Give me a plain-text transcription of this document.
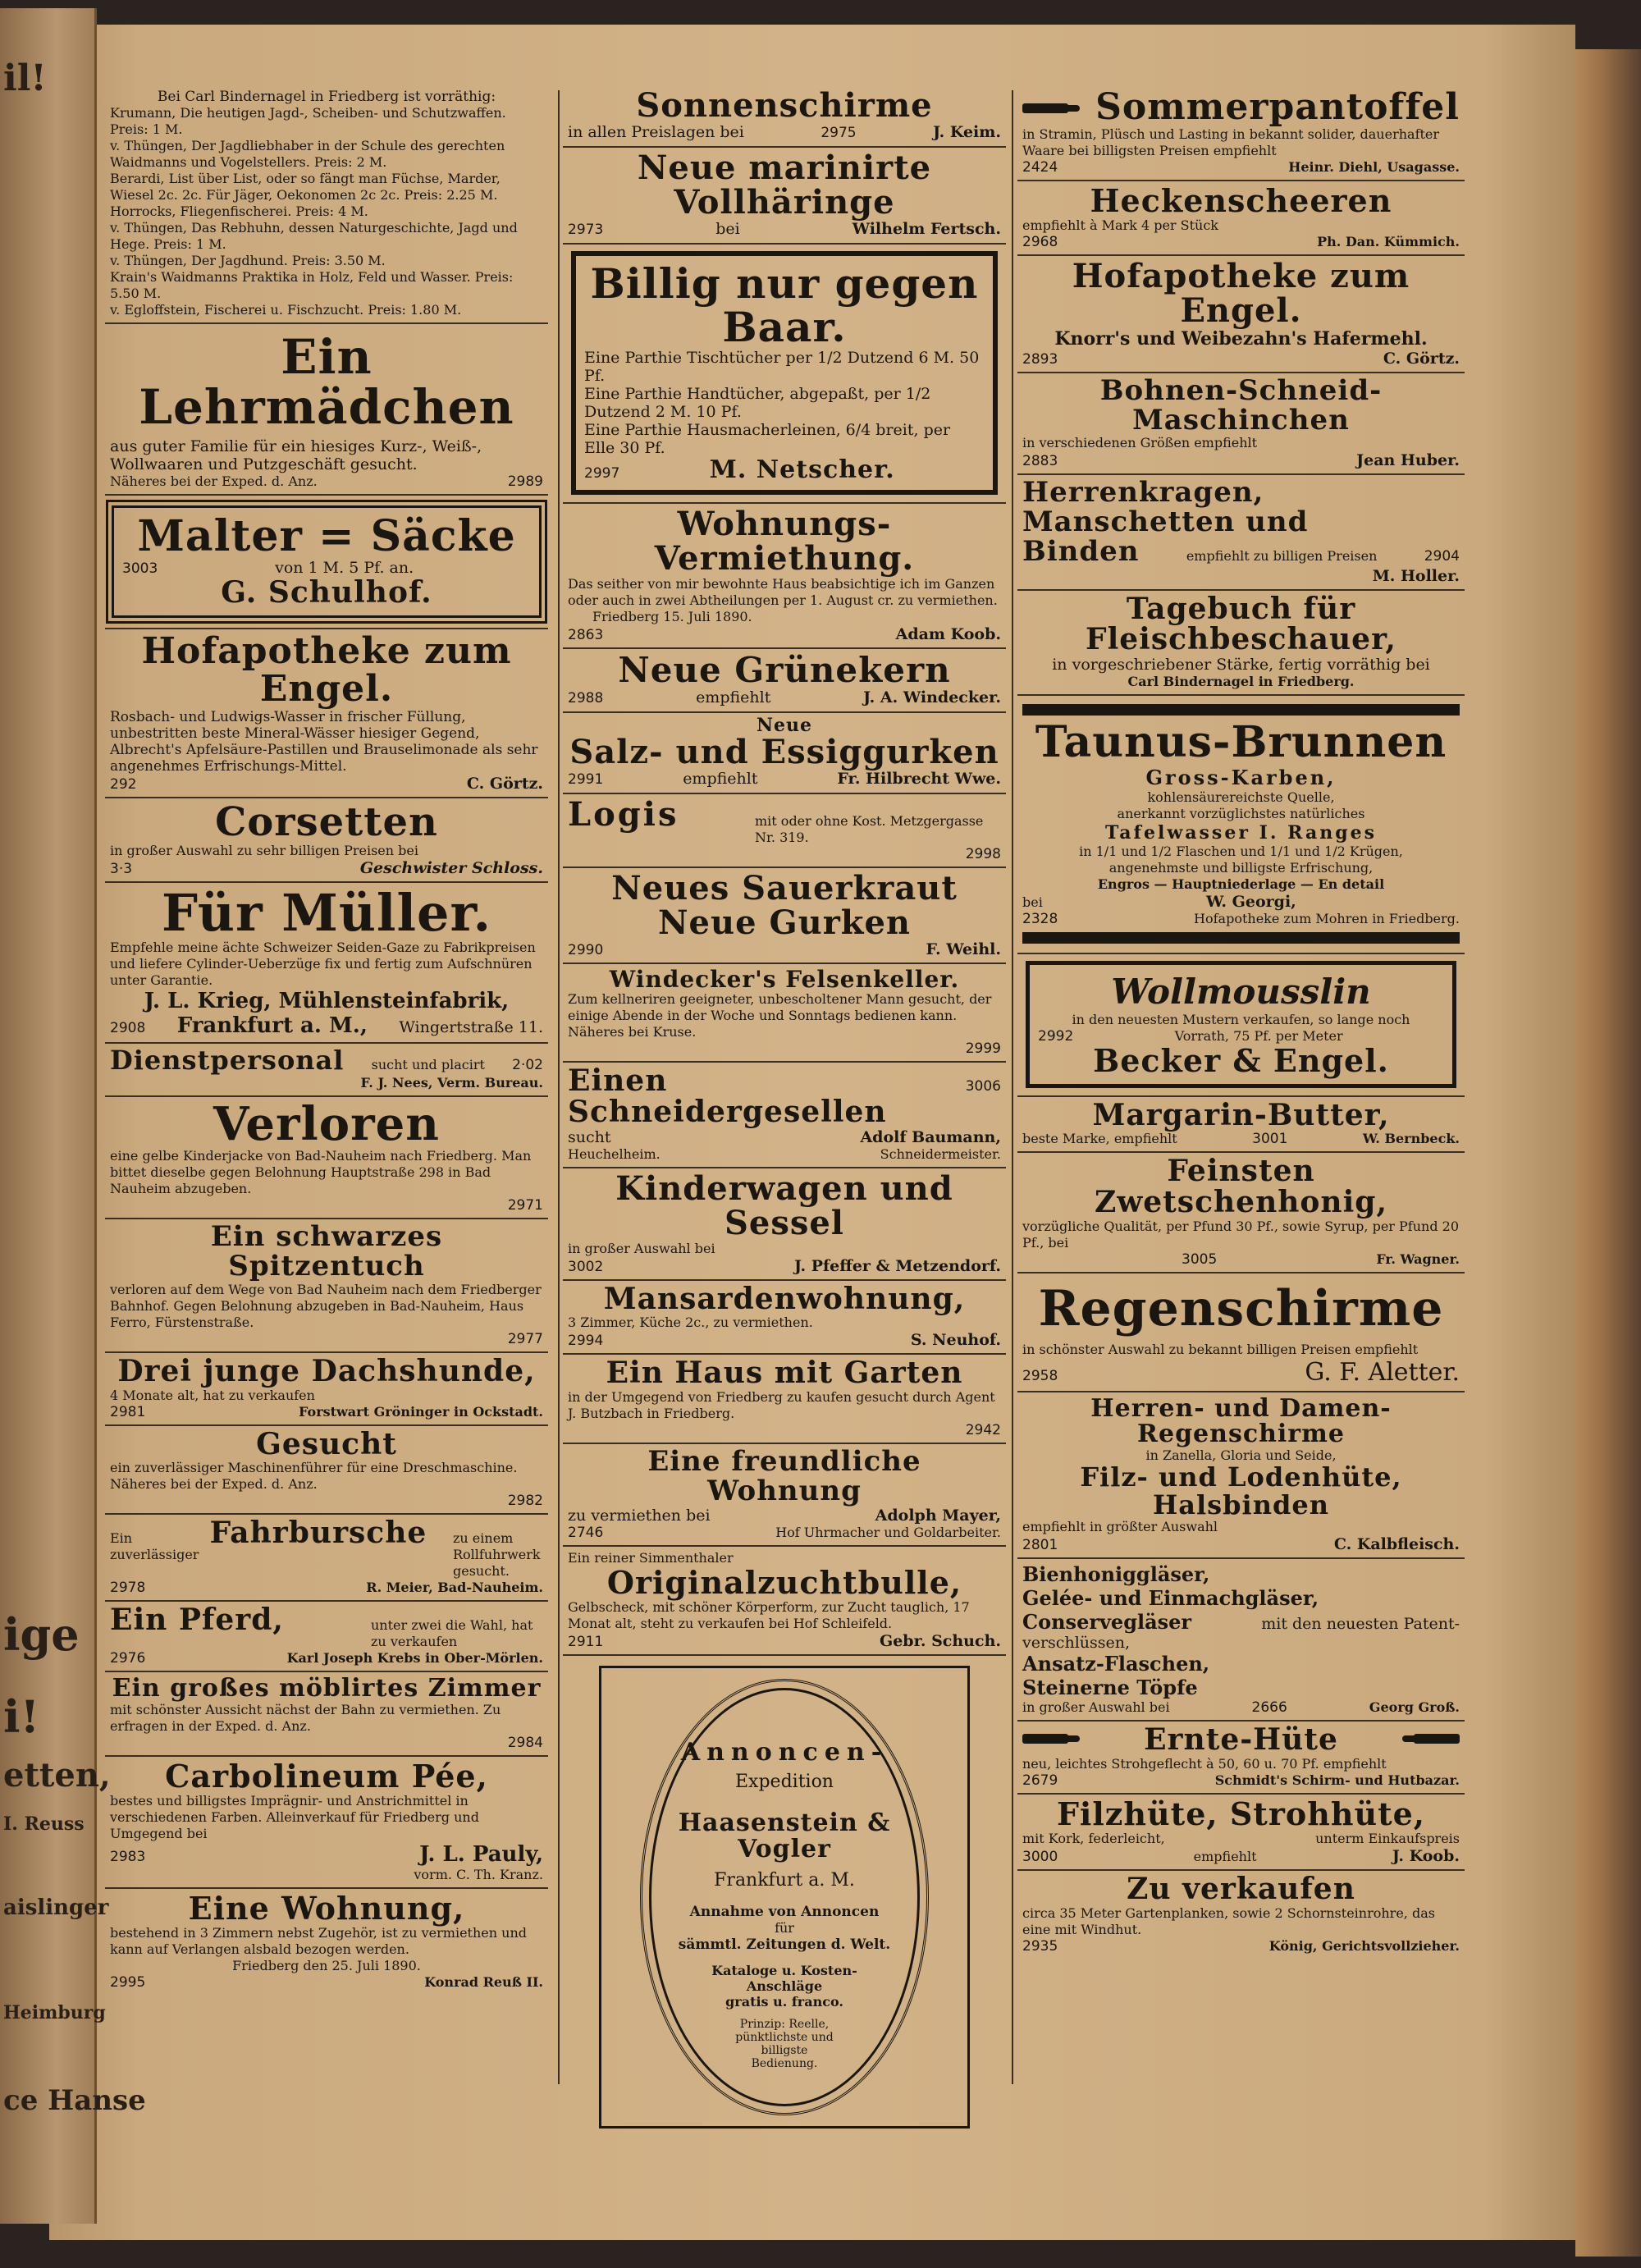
il!
ige
i!
etten,
I. Reuss
aislinger
Heimburg
ce Hanse
Bei Carl Bindernagel in Friedberg ist vorräthig:
Krumann, Die heutigen Jagd-, Scheiben- und Schutzwaffen. Preis: 1 M.
v. Thüngen, Der Jagdliebhaber in der Schule des gerechten Waidmanns und Vogelstellers. Preis: 2 M.
Berardi, List über List, oder so fängt man Füchse, Marder, Wiesel 2c. 2c. Für Jäger, Oekonomen 2c 2c. Preis: 2.25 M.
Horrocks, Fliegenfischerei. Preis: 4 M.
v. Thüngen, Das Rebhuhn, dessen Naturgeschichte, Jagd und Hege. Preis: 1 M.
v. Thüngen, Der Jagdhund. Preis: 3.50 M.
Krain's Waidmanns Praktika in Holz, Feld und Wasser. Preis: 5.50 M.
v. Egloffstein, Fischerei u. Fischzucht. Preis: 1.80 M.
Ein Lehrmädchen
aus guter Familie für ein hiesiges Kurz-, Weiß-, Wollwaaren und Putzgeschäft gesucht.
Näheres bei der Exped. d. Anz.	2989
Malter = Säcke
3003	von 1 M. 5 Pf. an.
G. Schulhof.
Hofapotheke zum Engel.
Rosbach- und Ludwigs-Wasser in frischer Füllung, unbestritten beste Mineral-Wässer hiesiger Gegend, Albrecht's Apfelsäure-Pastillen und Brauselimonade als sehr angenehmes Erfrischungs-Mittel.
292	C. Görtz.
Corsetten
in großer Auswahl zu sehr billigen Preisen bei
3·3	Geschwister Schloss.
Für Müller.
Empfehle meine ächte Schweizer Seiden-Gaze zu Fabrikpreisen und liefere Cylinder-Ueberzüge fix und fertig zum Aufschnüren unter Garantie.
J. L. Krieg, Mühlensteinfabrik,
2908 Frankfurt a. M., Wingertstraße 11.
Dienstpersonal sucht und placirt 2·02
F. J. Nees, Verm. Bureau.
Verloren
eine gelbe Kinderjacke von Bad-Nauheim nach Friedberg. Man bittet dieselbe gegen Belohnung Hauptstraße 298 in Bad Nauheim abzugeben.
2971
Ein schwarzes Spitzentuch
verloren auf dem Wege von Bad Nauheim nach dem Friedberger Bahnhof. Gegen Belohnung abzugeben in Bad-Nauheim, Haus Ferro, Fürstenstraße.
2977
Drei junge Dachshunde,
4 Monate alt, hat zu verkaufen
2981	Forstwart Gröninger in Ockstadt.
Gesucht
ein zuverlässiger Maschinenführer für eine Dreschmaschine. Näheres bei der Exped. d. Anz.
2982
Ein zuverlässiger
Fahrbursche zu einem Rollfuhrwerk gesucht.
2978	R. Meier, Bad-Nauheim.
Ein Pferd,	unter zwei die Wahl, hat zu verkaufen
2976	Karl Joseph Krebs in Ober-Mörlen.
Ein großes möblirtes Zimmer
mit schönster Aussicht nächst der Bahn zu vermiethen. Zu erfragen in der Exped. d. Anz.
2984
Carbolineum Pée,
bestes und billigstes Imprägnir- und Anstrichmittel in verschiedenen Farben. Alleinverkauf für Friedberg und Umgegend bei
2983	J. L. Pauly,
vorm. C. Th. Kranz.
Eine Wohnung,
bestehend in 3 Zimmern nebst Zugehör, ist zu vermiethen und kann auf Verlangen alsbald bezogen werden.
Friedberg den 25. Juli 1890.
2995	Konrad Reuß II.
Sonnenschirme
in allen Preislagen bei	2975	J. Keim.
Neue marinirte Vollhäringe
2973	bei	Wilhelm Fertsch.
Billig nur gegen Baar.
Eine Parthie Tischtücher per 1/2 Dutzend 6 M. 50 Pf.
Eine Parthie Handtücher, abgepaßt, per 1/2 Dutzend 2 M. 10 Pf.
Eine Parthie Hausmacherleinen, 6/4 breit, per Elle 30 Pf.
2997	M. Netscher.
Wohnungs-Vermiethung.
Das seither von mir bewohnte Haus beabsichtige ich im Ganzen oder auch in zwei Abtheilungen per 1. August cr. zu vermiethen.
Friedberg 15. Juli 1890.
2863	Adam Koob.
Neue Grünekern
2988	empfiehlt	J. A. Windecker.
Neue
Salz- und Essiggurken
2991	empfiehlt	Fr. Hilbrecht Wwe.
Logis	mit oder ohne Kost. Metzgergasse Nr. 319.
2998
Neues Sauerkraut
Neue Gurken
2990	F. Weihl.
Windecker's Felsenkeller.
Zum kellneriren geeigneter, unbescholtener Mann gesucht, der einige Abende in der Woche und Sonntags bedienen kann. Näheres bei Kruse.
2999
Einen Schneidergesellen
3006
sucht	Adolf Baumann,
Heuchelheim.	Schneidermeister.
Kinderwagen und Sessel
in großer Auswahl bei
3002	J. Pfeffer & Metzendorf.
Mansardenwohnung,
3 Zimmer, Küche 2c., zu vermiethen.
2994	S. Neuhof.
Ein Haus mit Garten
in der Umgegend von Friedberg zu kaufen gesucht durch Agent J. Butzbach in Friedberg.
2942
Eine freundliche Wohnung
zu vermiethen bei	Adolph Mayer,
2746	Hof Uhrmacher und Goldarbeiter.
Ein reiner Simmenthaler
Originalzuchtbulle,
Gelbscheck, mit schöner Körperform, zur Zucht tauglich, 17 Monat alt, steht zu verkaufen bei Hof Schleifeld.
2911	Gebr. Schuch.
Annoncen-
Expedition
Haasenstein & Vogler
Frankfurt a. M.
Annahme von Annoncen
für
sämmtl. Zeitungen d. Welt.
Kataloge u. Kosten-
Anschläge
gratis u. franco.
Prinzip: Reelle,
pünktlichste und
billigste
Bedienung.
Sommerpantoffel
in Stramin, Plüsch und Lasting in bekannt solider, dauerhafter Waare bei billigsten Preisen empfiehlt
2424	Heinr. Diehl, Usagasse.
Heckenscheeren
empfiehlt à Mark 4 per Stück
2968	Ph. Dan. Kümmich.
Hofapotheke zum Engel.
Knorr's und Weibezahn's Hafermehl.
2893	C. Görtz.
Bohnen-Schneid-Maschinchen
in verschiedenen Größen empfiehlt
2883	Jean Huber.
Herrenkragen, Manschetten und
Binden	empfiehlt zu billigen Preisen	2904
M. Holler.
Tagebuch für Fleischbeschauer,
in vorgeschriebener Stärke, fertig vorräthig bei
Carl Bindernagel in Friedberg.
Taunus-Brunnen
Gross-Karben,
kohlensäurereichste Quelle,
anerkannt vorzüglichstes natürliches
Tafelwasser I. Ranges
in 1/1 und 1/2 Flaschen und 1/1 und 1/2 Krügen,
angenehmste und billigste Erfrischung,
Engros — Hauptniederlage — En detail
bei	W. Georgi,
2328	Hofapotheke zum Mohren in Friedberg.
Wollmousslin
in den neuesten Mustern verkaufen, so lange noch
2992	Vorrath, 75 Pf. per Meter
Becker & Engel.
Margarin-Butter,
beste Marke, empfiehlt	3001	W. Bernbeck.
Feinsten Zwetschenhonig,
vorzügliche Qualität, per Pfund 30 Pf., sowie Syrup, per Pfund 20 Pf., bei
3005	Fr. Wagner.
Regenschirme
in schönster Auswahl zu bekannt billigen Preisen empfiehlt
2958	G. F. Aletter.
Herren- und Damen-Regenschirme
in Zanella, Gloria und Seide,
Filz- und Lodenhüte, Halsbinden
empfiehlt in größter Auswahl
2801	C. Kalbfleisch.
Bienhoniggläser,
Gelée- und Einmachgläser,
Conservegläser	mit den neuesten Patent-
verschlüssen,
Ansatz-Flaschen,
Steinerne Töpfe
in großer Auswahl bei	2666	Georg Groß.
Ernte-Hüte
neu, leichtes Strohgeflecht à 50, 60 u. 70 Pf. empfiehlt
2679	Schmidt's Schirm- und Hutbazar.
Filzhüte, Strohhüte,
mit Kork, federleicht,	unterm Einkaufspreis
3000	empfiehlt	J. Koob.
Zu verkaufen
circa 35 Meter Gartenplanken, sowie 2 Schornsteinrohre, das eine mit Windhut.
2935	König, Gerichtsvollzieher.
